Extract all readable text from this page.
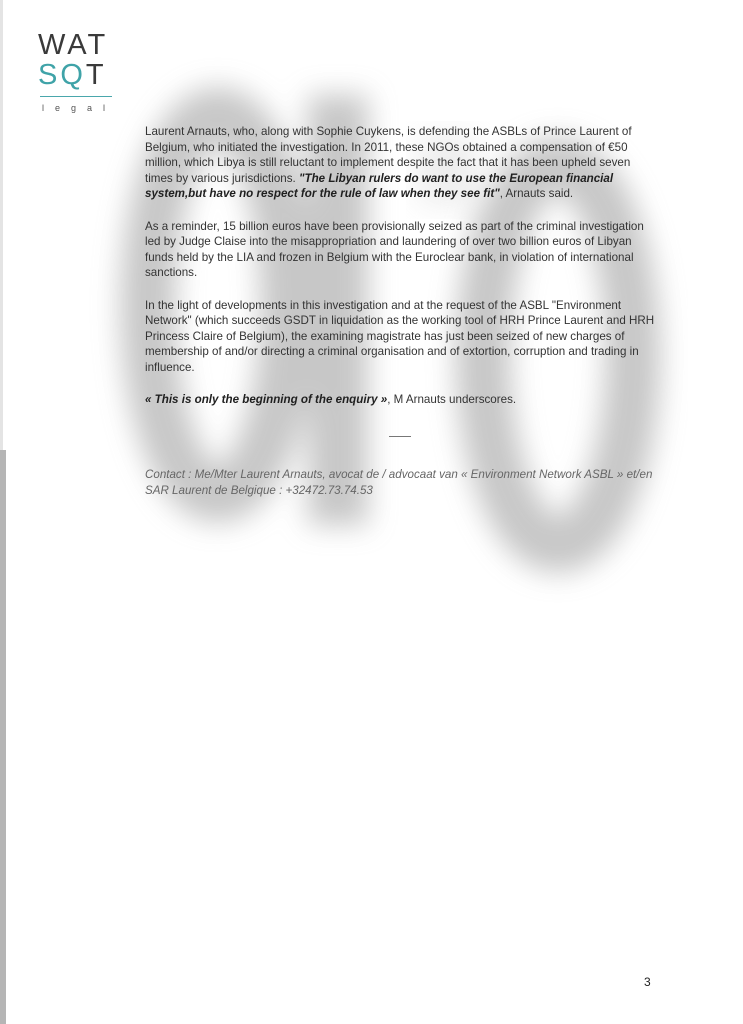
WAT
SQT
legal

Laurent Arnauts, who, along with Sophie Cuykens, is defending the ASBLs of Prince Laurent of Belgium, who initiated the investigation. In 2011, these NGOs obtained a compensation of €50 million, which Libya is still reluctant to implement despite the fact that it has been upheld seven times by various jurisdictions. "The Libyan rulers do want to use the European financial system,but have no respect for the rule of law when they see fit", Arnauts said.

As a reminder, 15 billion euros have been provisionally seized as part of the criminal investigation led by Judge Claise into the misappropriation and laundering of over two billion euros of Libyan funds held by the LIA and frozen in Belgium with the Euroclear bank, in violation of international sanctions.

In the light of developments in this investigation and at the request of the ASBL "Environment Network" (which succeeds GSDT in liquidation as the working tool of HRH Prince Laurent and HRH Princess Claire of Belgium), the examining magistrate has just been seized of new charges of membership of and/or directing a criminal organisation and of extortion, corruption and trading in influence.

« This is only the beginning of the enquiry », M Arnauts underscores.

Contact : Me/Mter Laurent Arnauts, avocat de / advocaat van « Environment Network ASBL » et/en SAR Laurent de Belgique : +32472.73.74.53
3
